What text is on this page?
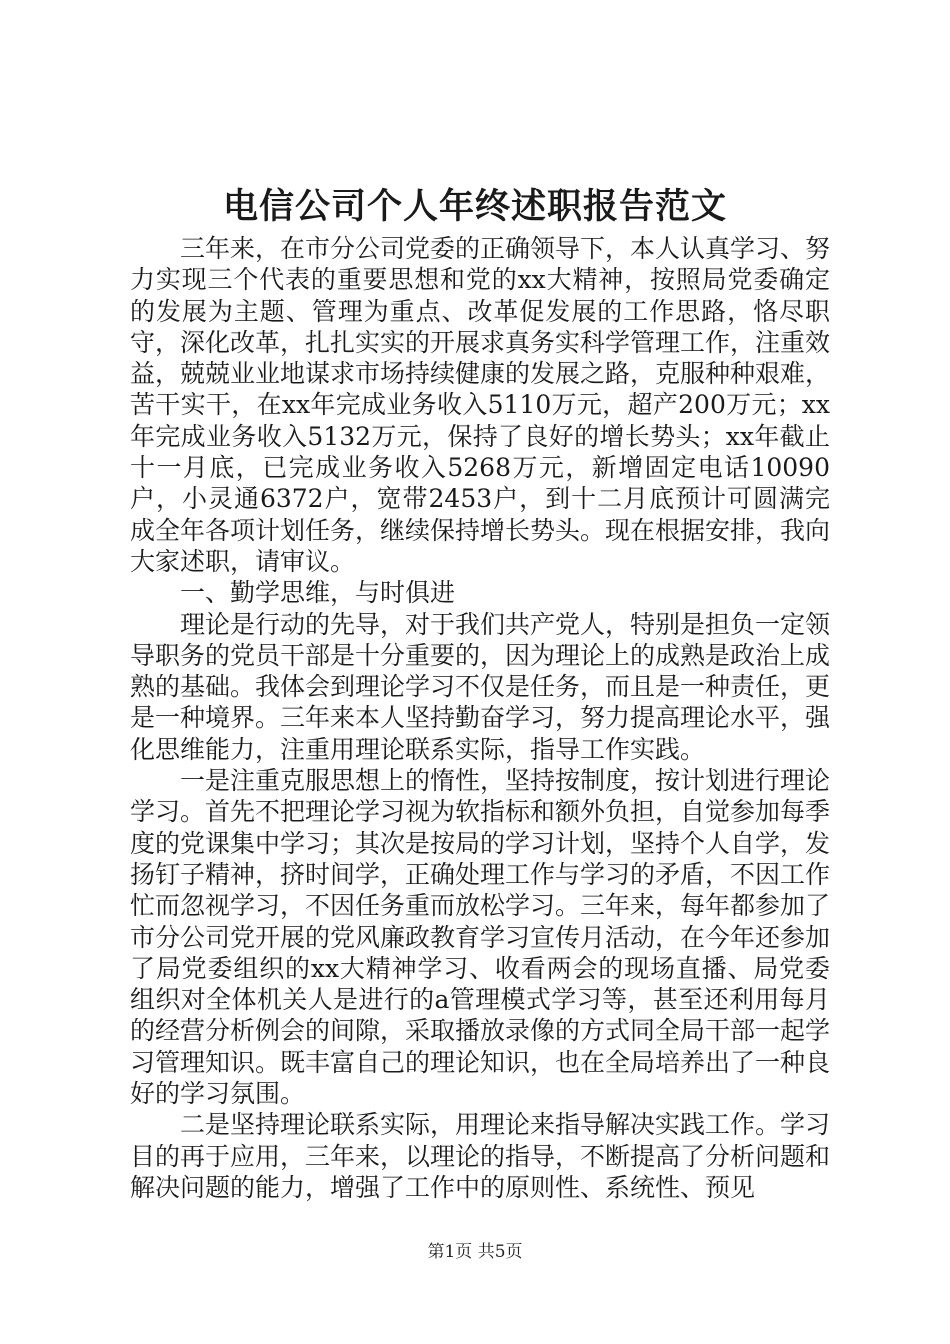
电信公司个人年终述职报告范文

三年来，在市分公司党委的正确领导下，本人认真学习、努力实现三个代表的重要思想和党的xx大精神，按照局党委确定的发展为主题、管理为重点、改革促发展的工作思路，恪尽职守，深化改革，扎扎实实的开展求真务实科学管理工作，注重效益，兢兢业业地谋求市场持续健康的发展之路，克服种种艰难，苦干实干，在xx年完成业务收入5110万元，超产200万元；xx年完成业务收入5132万元，保持了良好的增长势头；xx年截止十一月底，已完成业务收入5268万元，新增固定电话10090户，小灵通6372户，宽带2453户，到十二月底预计可圆满完成全年各项计划任务，继续保持增长势头。现在根据安排，我向大家述职，请审议。

一、勤学思维，与时俱进

理论是行动的先导，对于我们共产党人，特别是担负一定领导职务的党员干部是十分重要的，因为理论上的成熟是政治上成熟的基础。我体会到理论学习不仅是任务，而且是一种责任，更是一种境界。三年来本人坚持勤奋学习，努力提高理论水平，强化思维能力，注重用理论联系实际，指导工作实践。

一是注重克服思想上的惰性，坚持按制度，按计划进行理论学习。首先不把理论学习视为软指标和额外负担，自觉参加每季度的党课集中学习；其次是按局的学习计划，坚持个人自学，发扬钉子精神，挤时间学，正确处理工作与学习的矛盾，不因工作忙而忽视学习，不因任务重而放松学习。三年来，每年都参加了市分公司党开展的党风廉政教育学习宣传月活动，在今年还参加了局党委组织的xx大精神学习、收看两会的现场直播、局党委组织对全体机关人是进行的a管理模式学习等，甚至还利用每月的经营分析例会的间隙，采取播放录像的方式同全局干部一起学习管理知识。既丰富自己的理论知识，也在全局培养出了一种良好的学习氛围。

二是坚持理论联系实际，用理论来指导解决实践工作。学习目的再于应用，三年来，以理论的指导，不断提高了分析问题和解决问题的能力，增强了工作中的原则性、系统性、预见

第1页 共5页
